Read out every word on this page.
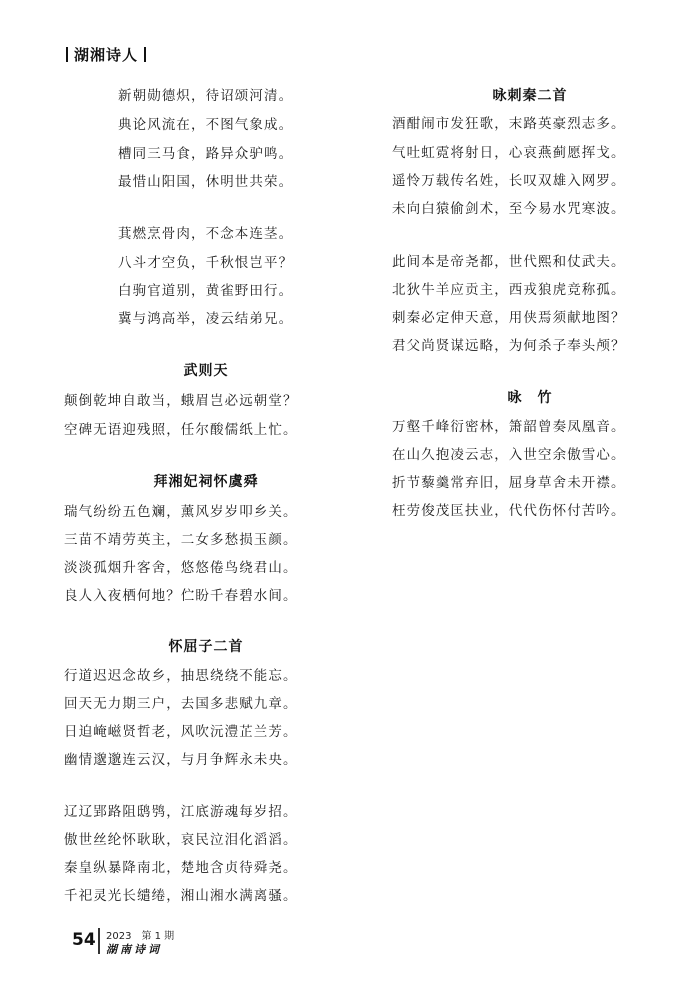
湖湘诗人
新朝勋德炽，待诏颂河清。
典论风流在，不图气象成。
槽同三马食，路异众驴鸣。
最惜山阳国，休明世共荣。
萁燃烹骨肉，不念本连茎。
八斗才空负，千秋恨岂平？
白驹官道别，黄雀野田行。
冀与鸿高举，凌云结弟兄。
武则天
颠倒乾坤自敢当，蛾眉岂必远朝堂？
空碑无语迎残照，任尔酸儒纸上忙。
拜湘妃祠怀虞舜
瑞气纷纷五色斓，薰风岁岁叩乡关。
三苗不靖劳英主，二女多愁损玉颜。
淡淡孤烟升客舍，悠悠倦鸟绕君山。
良人入夜栖何地？伫盼千春碧水间。
怀屈子二首
行道迟迟念故乡，抽思绕绕不能忘。
回天无力期三户，去国多悲赋九章。
日迫崦嵫贤哲老，风吹沅澧芷兰芳。
幽情邈邈连云汉，与月争辉永未央。
辽辽郢路阻鸱鸮，江底游魂每岁招。
傲世丝纶怀耿耿，哀民泣泪化滔滔。
秦皇纵暴降南北，楚地含贞待舜尧。
千祀灵光长缱绻，湘山湘水满离骚。
咏刺秦二首
酒酣闹市发狂歌，末路英豪烈志多。
气吐虹霓将射日，心哀燕蓟愿挥戈。
遥怜万载传名姓，长叹双雄入网罗。
未向白猿偷剑术，至今易水咒寒波。
此间本是帝尧都，世代熙和仗武夫。
北狄牛羊应贡主，西戎狼虎竞称孤。
刺秦必定伸天意，用侠焉须献地图？
君父尚贤谋远略，为何杀子奉头颅？
咏　竹
万壑千峰衍密林，箫韶曾奏凤凰音。
在山久抱凌云志，入世空余傲雪心。
折节藜羹常弃旧，屈身草舍未开襟。
枉劳俊茂匡扶业，代代伤怀付苦吟。
54 2023　第 1 期
湖南诗词
